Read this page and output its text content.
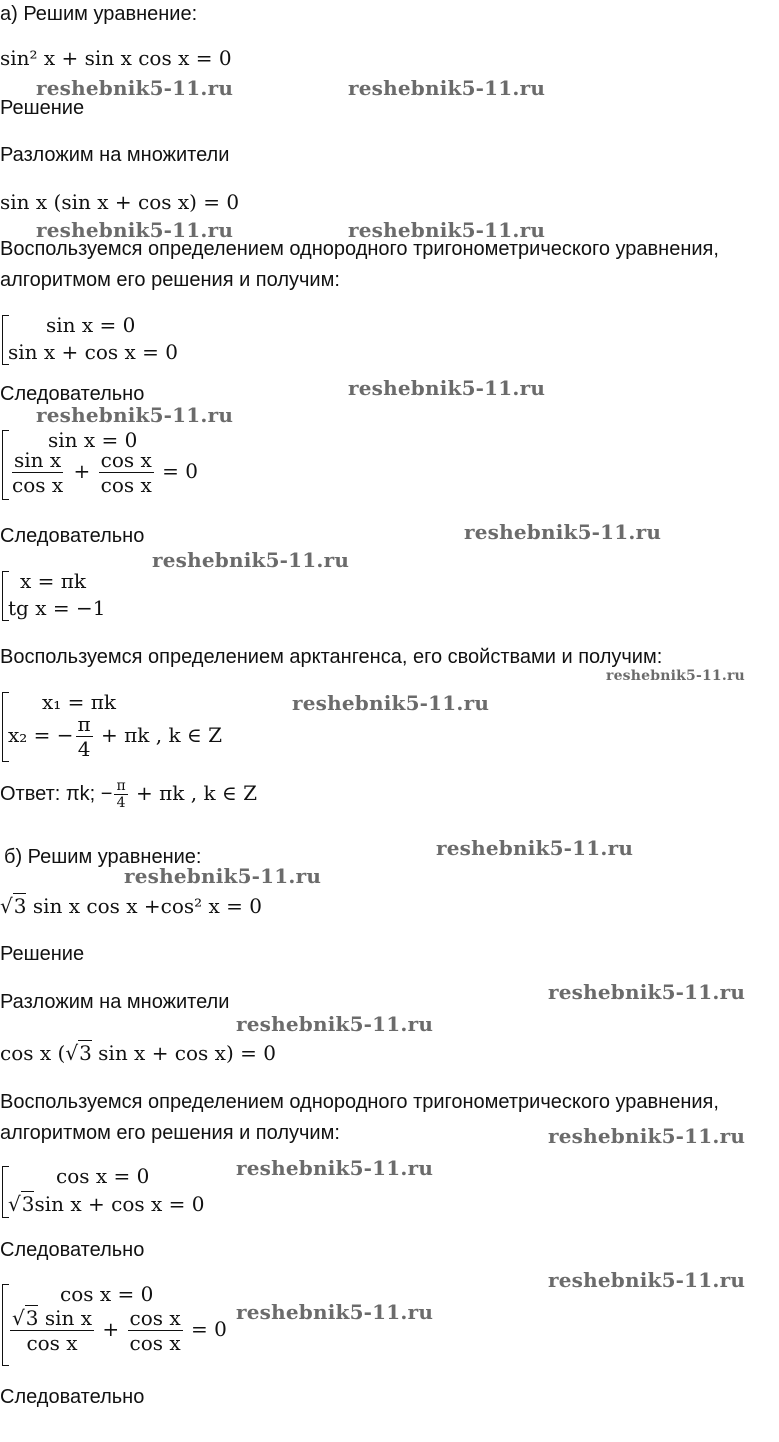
а) Решим уравнение:
sin² x + sin x cos x = 0
Решение
Разложим на множители
sin x (sin x + cos x) = 0
Воспользуемся определением однородного тригонометрического уравнения,
алгоритмом его решения и получим:
sin x = 0
sin x + cos x = 0
Следовательно
sin x = 0
$\frac{\text{sin x}}{\text{cos x}} + \frac{\text{cos x}}{\text{cos x}} = 0$
Следовательно
x = πk
tg x = −1
Воспользуемся определением арктангенса, его свойствами и получим:
x₁ = πk
x₂ = − $\frac{\pi}{4} + \pi k$ , k ∈ Z
Ответ: πk; − $\frac{\pi}{4} + \pi k$ , k ∈ Z
б) Решим уравнение:
√3 sin x cos x +cos² x = 0
Решение
Разложим на множители
cos x (√3 sin x + cos x) = 0
Воспользуемся определением однородного тригонометрического уравнения,
алгоритмом его решения и получим:
cos x = 0
√3sin x + cos x = 0
Следовательно
cos x = 0
$\frac{\text{√3 sin x}}{\text{cos x}} + \frac{\text{cos x}}{\text{cos x}} = 0$
Следовательно
reshebnik5-11.ru	reshebnik5-11.ru
reshebnik5-11.ru	reshebnik5-11.ru
reshebnik5-11.ru
reshebnik5-11.ru
reshebnik5-11.ru
reshebnik5-11.ru
reshebnik5-11.ru
reshebnik5-11.ru
reshebnik5-11.ru
reshebnik5-11.ru
reshebnik5-11.ru
reshebnik5-11.ru
reshebnik5-11.ru
reshebnik5-11.ru
reshebnik5-11.ru
reshebnik5-11.ru
